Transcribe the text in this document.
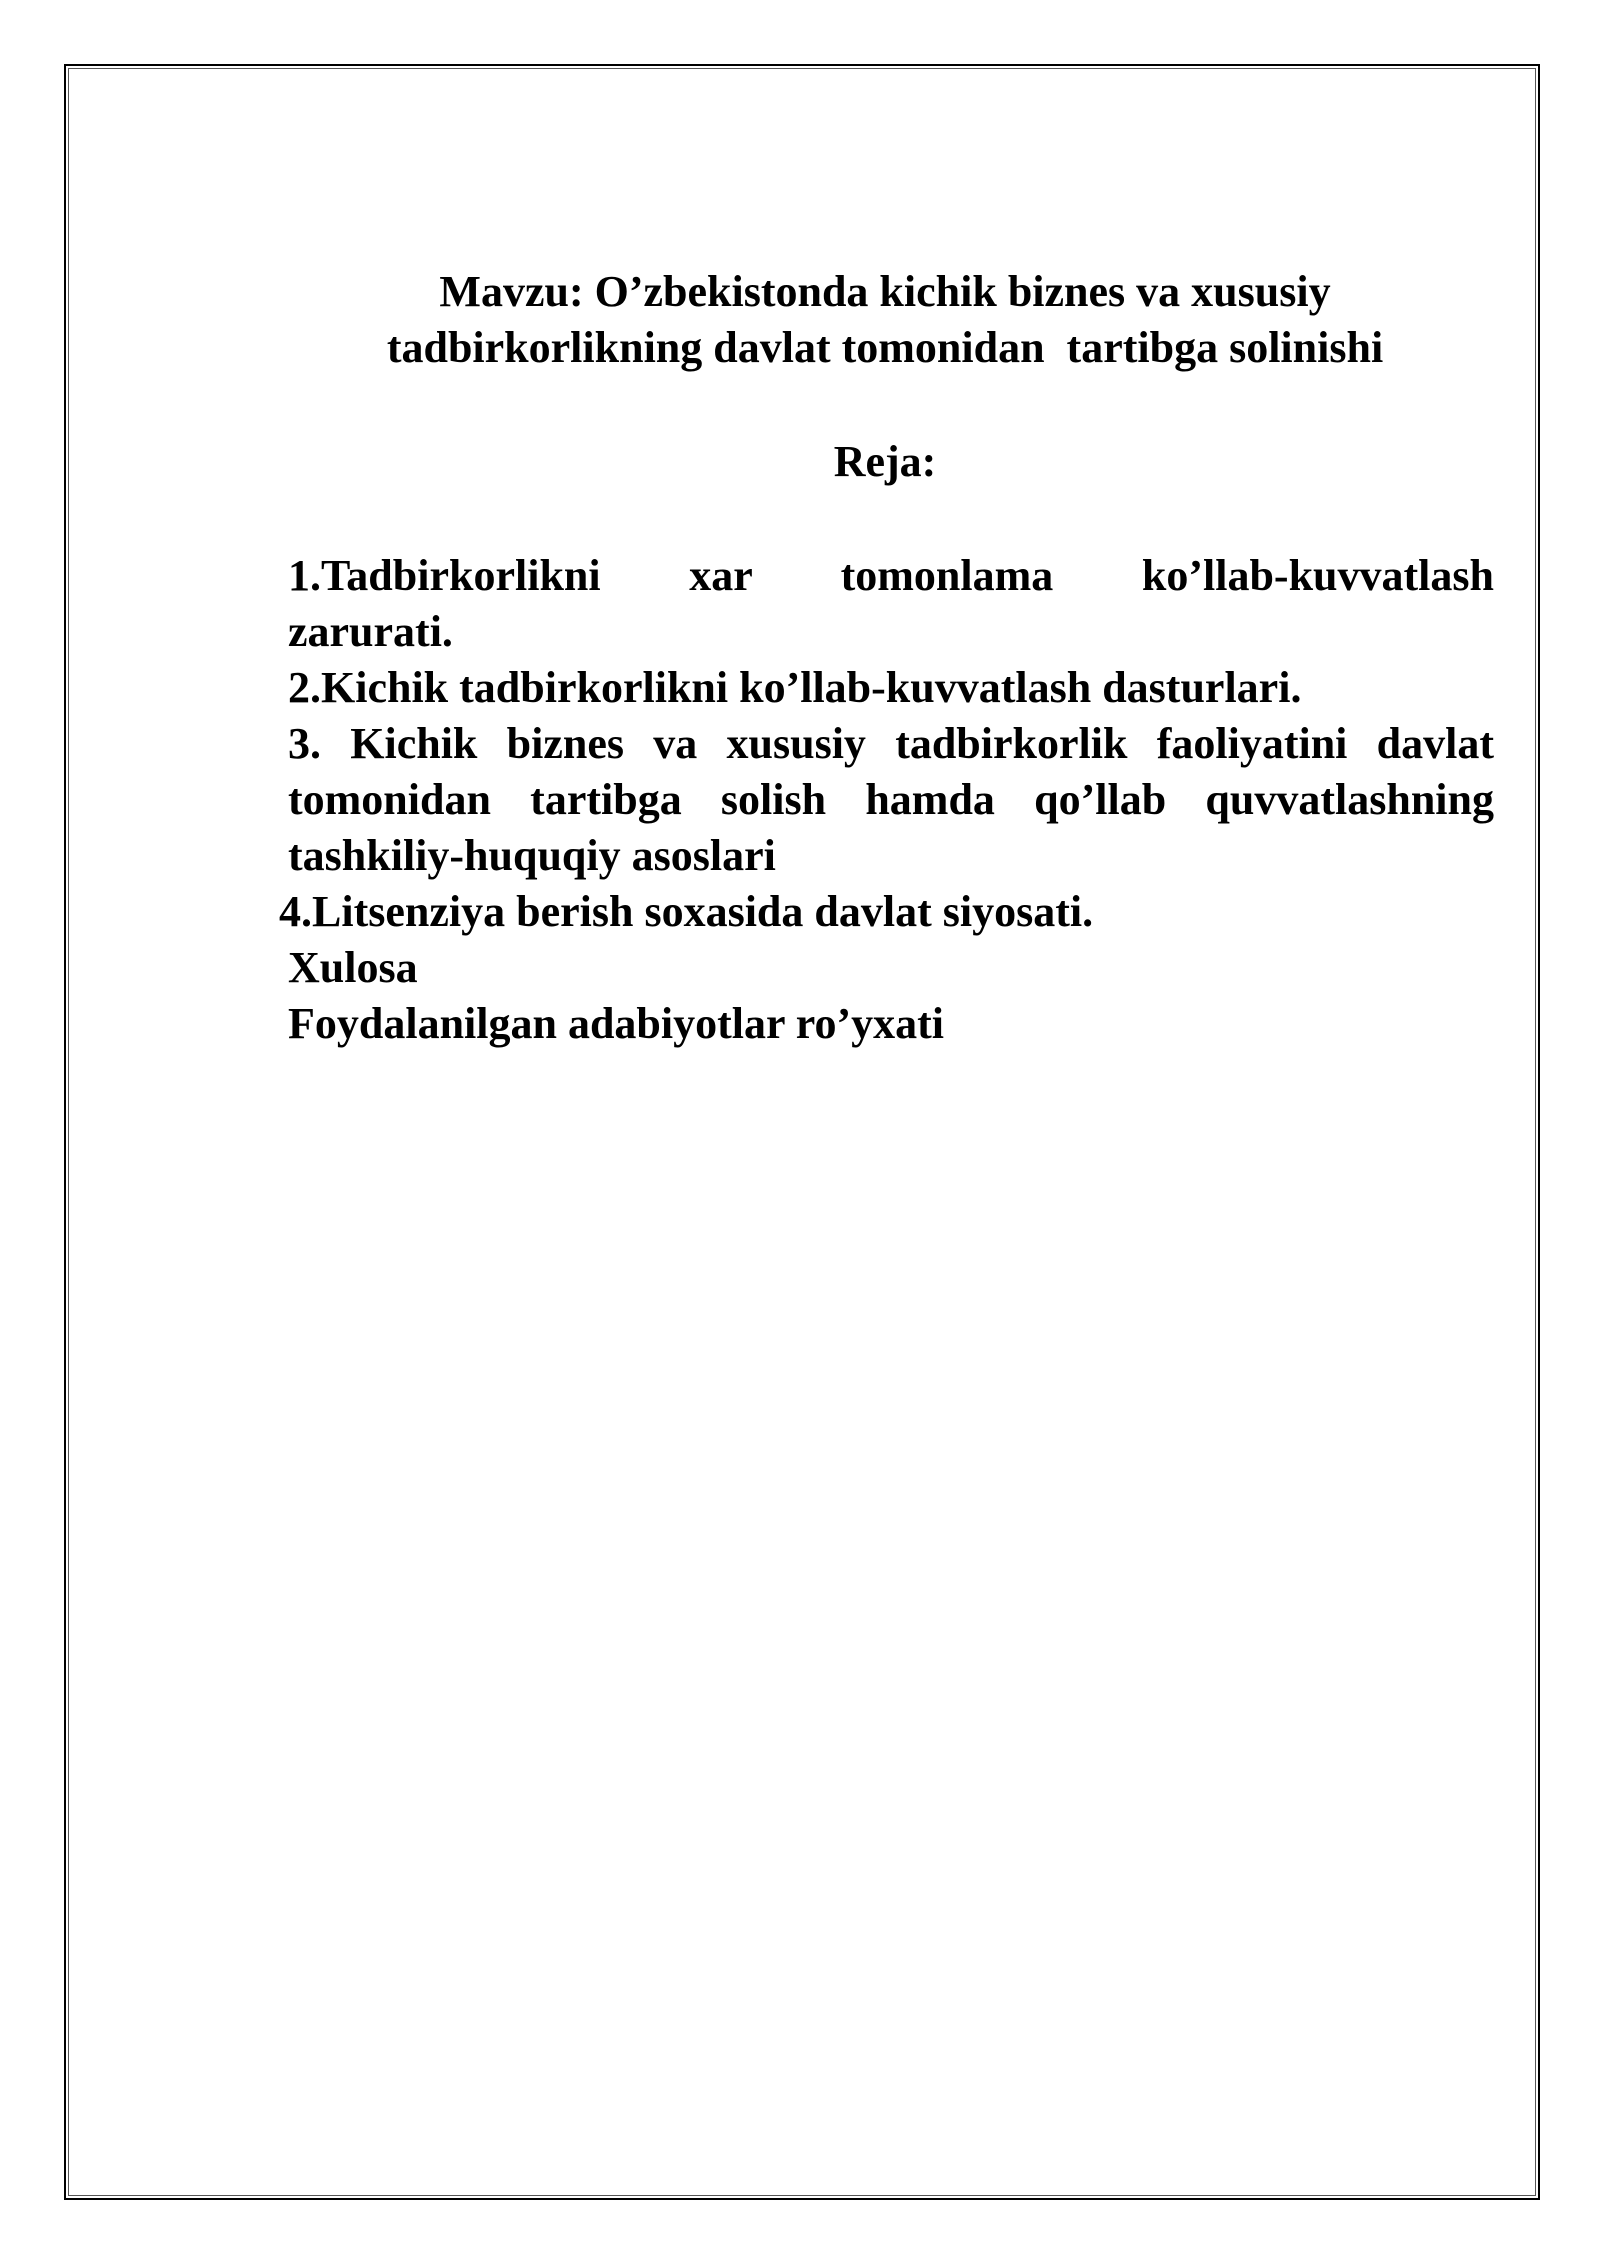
Mavzu: O’zbekistonda kichik biznes va xususiy
tadbirkorlikning davlat tomonidan  tartibga solinishi
Reja:

1.Tadbirkorlikni xar tomonlama ko’llab-kuvvatlash
zarurati.

2.Kichik tadbirkorlikni ko’llab-kuvvatlash dasturlari.

3. Kichik biznes va xususiy tadbirkorlik faoliyatini davlat tomonidan tartibga solish hamda qo’llab quvvatlashning tashkiliy-huquqiy asoslari

4.Litsenziya berish soxasida davlat siyosati.

Xulosa

Foydalanilgan adabiyotlar ro’yxati
